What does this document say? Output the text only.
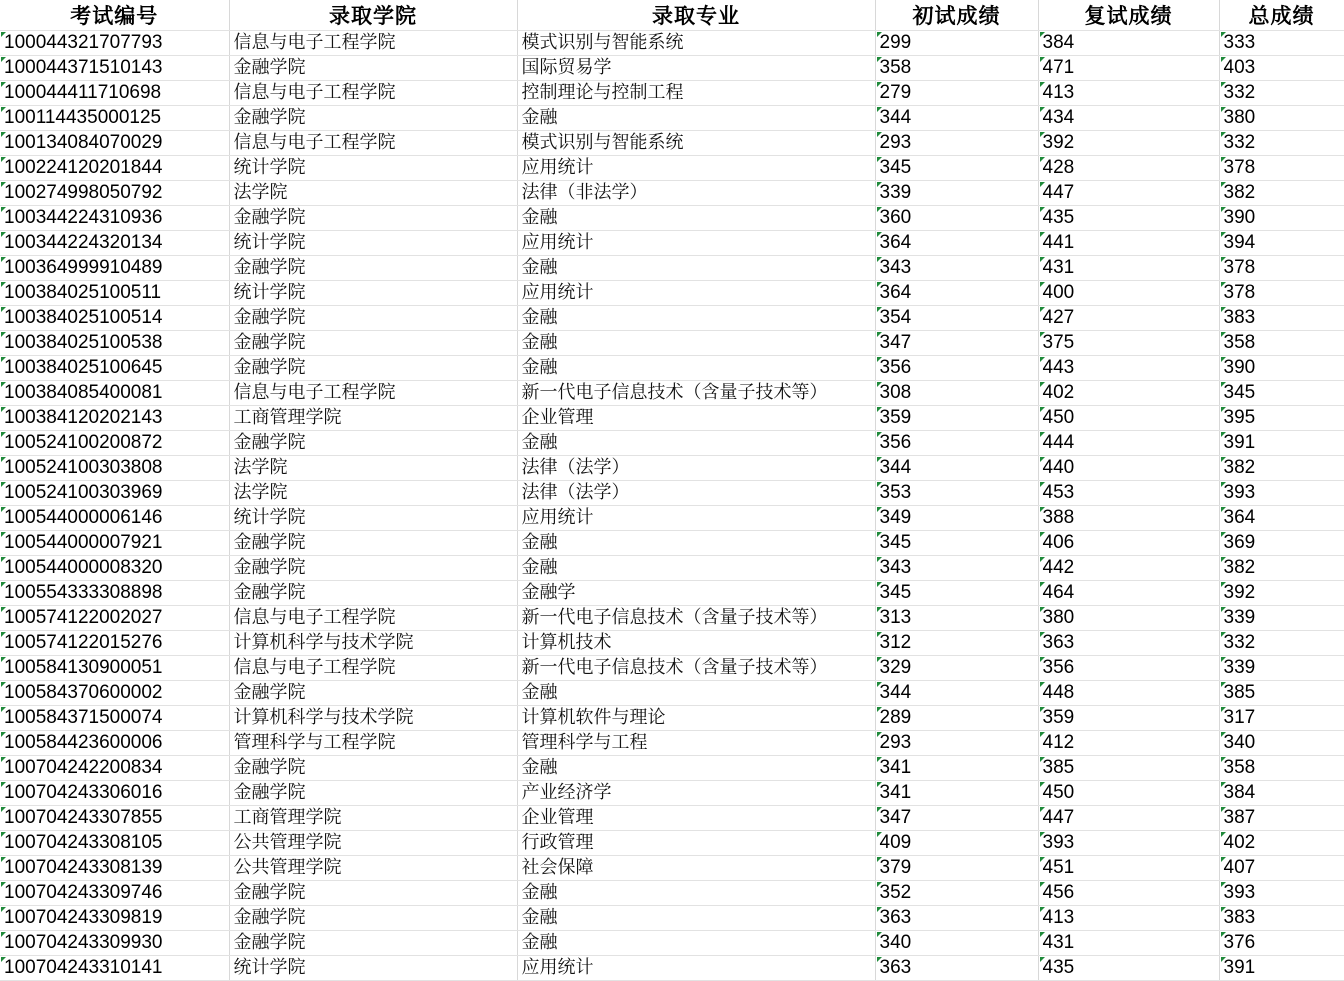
考试编号	录取学院	录取专业	初试成绩	复试成绩	总成绩
100044321707793	信息与电子工程学院	模式识别与智能系统	299	384	333
100044371510143	金融学院	国际贸易学	358	471	403
100044411710698	信息与电子工程学院	控制理论与控制工程	279	413	332
100114435000125	金融学院	金融	344	434	380
100134084070029	信息与电子工程学院	模式识别与智能系统	293	392	332
100224120201844	统计学院	应用统计	345	428	378
100274998050792	法学院	法律（非法学）	339	447	382
100344224310936	金融学院	金融	360	435	390
100344224320134	统计学院	应用统计	364	441	394
100364999910489	金融学院	金融	343	431	378
100384025100511	统计学院	应用统计	364	400	378
100384025100514	金融学院	金融	354	427	383
100384025100538	金融学院	金融	347	375	358
100384025100645	金融学院	金融	356	443	390
100384085400081	信息与电子工程学院	新一代电子信息技术（含量子技术等）	308	402	345
100384120202143	工商管理学院	企业管理	359	450	395
100524100200872	金融学院	金融	356	444	391
100524100303808	法学院	法律（法学）	344	440	382
100524100303969	法学院	法律（法学）	353	453	393
100544000006146	统计学院	应用统计	349	388	364
100544000007921	金融学院	金融	345	406	369
100544000008320	金融学院	金融	343	442	382
100554333308898	金融学院	金融学	345	464	392
100574122002027	信息与电子工程学院	新一代电子信息技术（含量子技术等）	313	380	339
100574122015276	计算机科学与技术学院	计算机技术	312	363	332
100584130900051	信息与电子工程学院	新一代电子信息技术（含量子技术等）	329	356	339
100584370600002	金融学院	金融	344	448	385
100584371500074	计算机科学与技术学院	计算机软件与理论	289	359	317
100584423600006	管理科学与工程学院	管理科学与工程	293	412	340
100704242200834	金融学院	金融	341	385	358
100704243306016	金融学院	产业经济学	341	450	384
100704243307855	工商管理学院	企业管理	347	447	387
100704243308105	公共管理学院	行政管理	409	393	402
100704243308139	公共管理学院	社会保障	379	451	407
100704243309746	金融学院	金融	352	456	393
100704243309819	金融学院	金融	363	413	383
100704243309930	金融学院	金融	340	431	376
100704243310141	统计学院	应用统计	363	435	391
